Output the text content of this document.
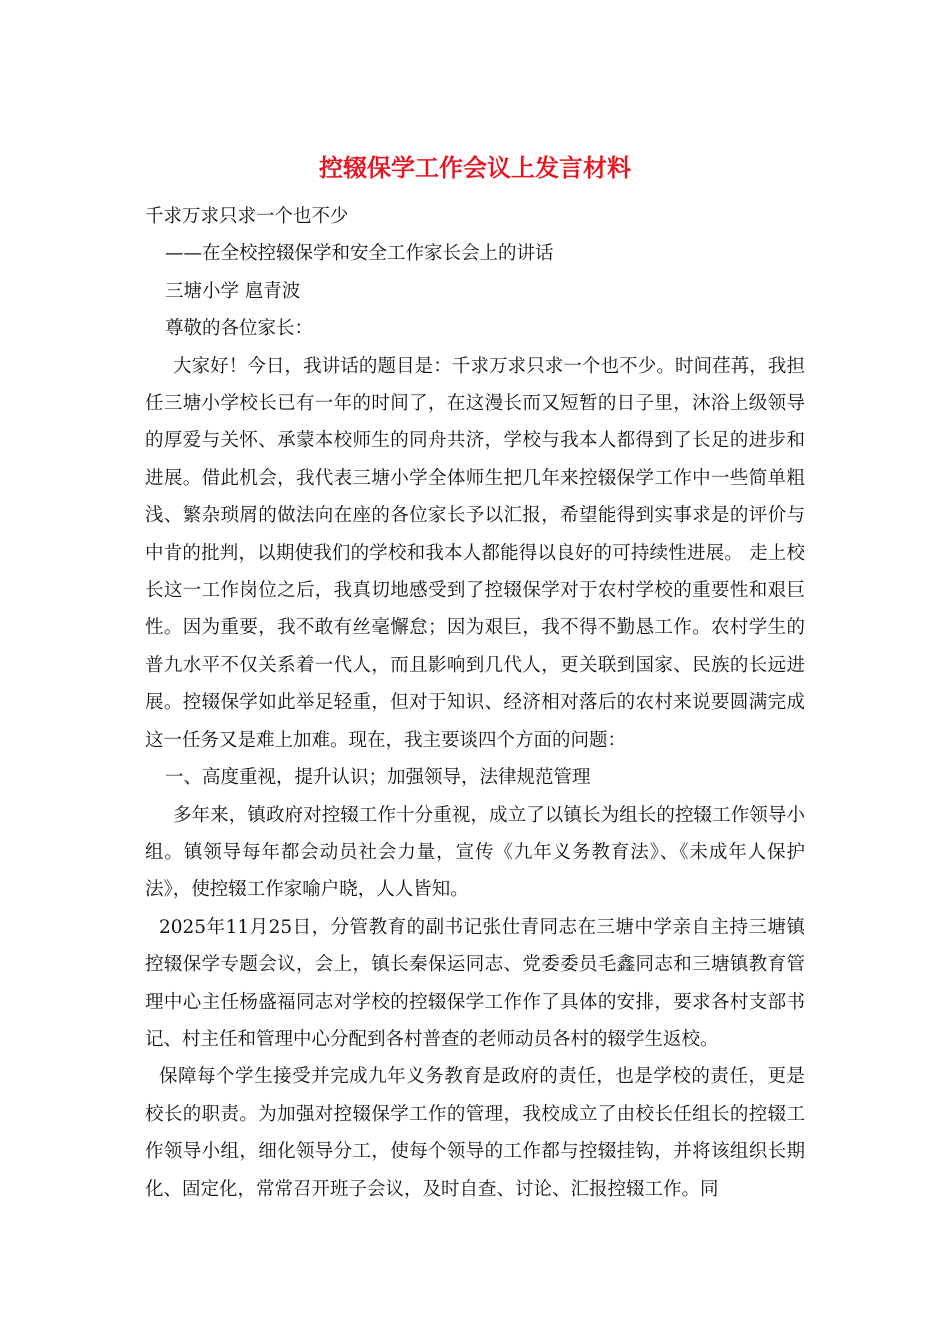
控辍保学工作会议上发言材料

千求万求只求一个也不少

——在全校控辍保学和安全工作家长会上的讲话

三塘小学 扈青波

尊敬的各位家长：

大家好！今日，我讲话的题目是：千求万求只求一个也不少。时间荏苒，我担任三塘小学校长已有一年的时间了，在这漫长而又短暂的日子里，沐浴上级领导的厚爱与关怀、承蒙本校师生的同舟共济，学校与我本人都得到了长足的进步和进展。借此机会，我代表三塘小学全体师生把几年来控辍保学工作中一些简单粗浅、繁杂琐屑的做法向在座的各位家长予以汇报，希望能得到实事求是的评价与中肯的批判，以期使我们的学校和我本人都能得以良好的可持续性进展。 走上校长这一工作岗位之后，我真切地感受到了控辍保学对于农村学校的重要性和艰巨性。因为重要，我不敢有丝毫懈怠；因为艰巨，我不得不勤恳工作。农村学生的普九水平不仅关系着一代人，而且影响到几代人，更关联到国家、民族的长远进展。控辍保学如此举足轻重，但对于知识、经济相对落后的农村来说要圆满完成这一任务又是难上加难。现在，我主要谈四个方面的问题：

一、高度重视，提升认识；加强领导，法律规范管理

多年来，镇政府对控辍工作十分重视，成立了以镇长为组长的控辍工作领导小组。镇领导每年都会动员社会力量，宣传《九年义务教育法》、《未成年人保护法》，使控辍工作家喻户晓，人人皆知。

2025年11月25日，分管教育的副书记张仕青同志在三塘中学亲自主持三塘镇控辍保学专题会议，会上，镇长秦保运同志、党委委员毛鑫同志和三塘镇教育管理中心主任杨盛福同志对学校的控辍保学工作作了具体的安排，要求各村支部书记、村主任和管理中心分配到各村普查的老师动员各村的辍学生返校。

保障每个学生接受并完成九年义务教育是政府的责任，也是学校的责任，更是校长的职责。为加强对控辍保学工作的管理，我校成立了由校长任组长的控辍工作领导小组，细化领导分工，使每个领导的工作都与控辍挂钩，并将该组织长期化、固定化，常常召开班子会议，及时自查、讨论、汇报控辍工作。同
